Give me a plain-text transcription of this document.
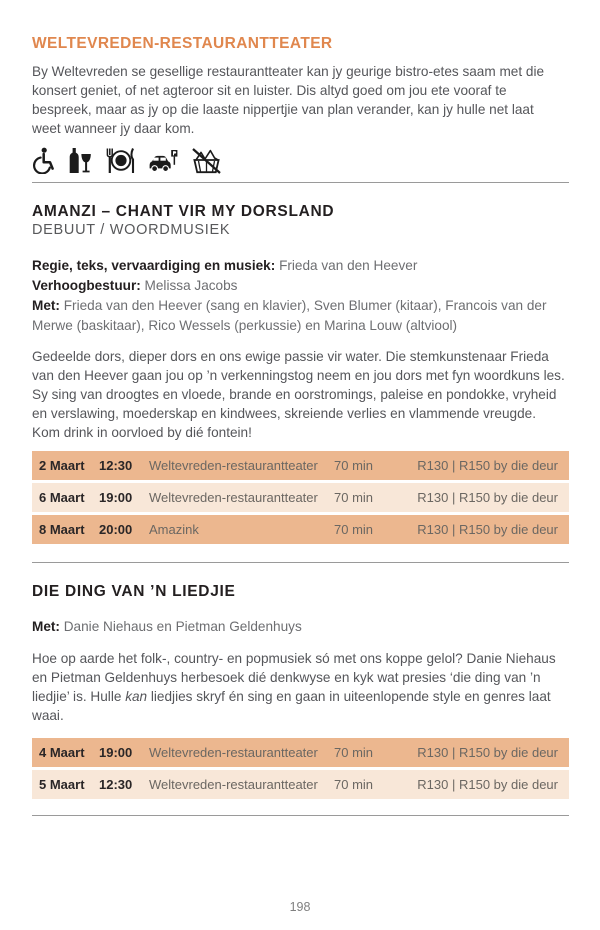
WELTEVREDEN-RESTAURANTTEATER

By Weltevreden se gesellige restaurantteater kan jy geurige bistro-etes saam met die konsert geniet, of net agteroor sit en luister. Dis altyd goed om jou ete vooraf te bespreek, maar as jy op die laaste nippertjie van plan verander, kan jy hulle net laat weet wanneer jy daar kom.

AMANZI – CHANT VIR MY DORSLAND
DEBUUT / WOORDMUSIEK
Regie, teks, vervaardiging en musiek: Frieda van den Heever
Verhoogbestuur: Melissa Jacobs
Met: Frieda van den Heever (sang en klavier), Sven Blumer (kitaar), Francois van der Merwe (baskitaar), Rico Wessels (perkussie) en Marina Louw (altviool)

Gedeelde dors, dieper dors en ons ewige passie vir water. Die stemkunstenaar Frieda van den Heever gaan jou op ’n verkenningstog neem en jou dors met fyn woordkuns les. Sy sing van droogtes en vloede, brande en oorstromings, paleise en pondokke, vryheid en verslawing, moederskap en kindwees, skreiende verlies en vlammende vreugde. Kom drink in oorvloed by dié fontein!

2 Maart	12:30	Weltevreden-restaurantteater	70 min	R130 | R150 by die deur
6 Maart	19:00	Weltevreden-restaurantteater	70 min	R130 | R150 by die deur
8 Maart	20:00	Amazink	70 min	R130 | R150 by die deur
DIE DING VAN ’N LIEDJIE
Met: Danie Niehaus en Pietman Geldenhuys

Hoe op aarde het folk-, country- en popmusiek só met ons koppe gelol? Danie Niehaus en Pietman Geldenhuys herbesoek dié denkwyse en kyk wat presies ‘die ding van ’n liedjie’ is. Hulle kan liedjies skryf én sing en gaan in uiteenlopende style en genres laat waai.

4 Maart	19:00	Weltevreden-restaurantteater	70 min	R130 | R150 by die deur
5 Maart	12:30	Weltevreden-restaurantteater	70 min	R130 | R150 by die deur
198
